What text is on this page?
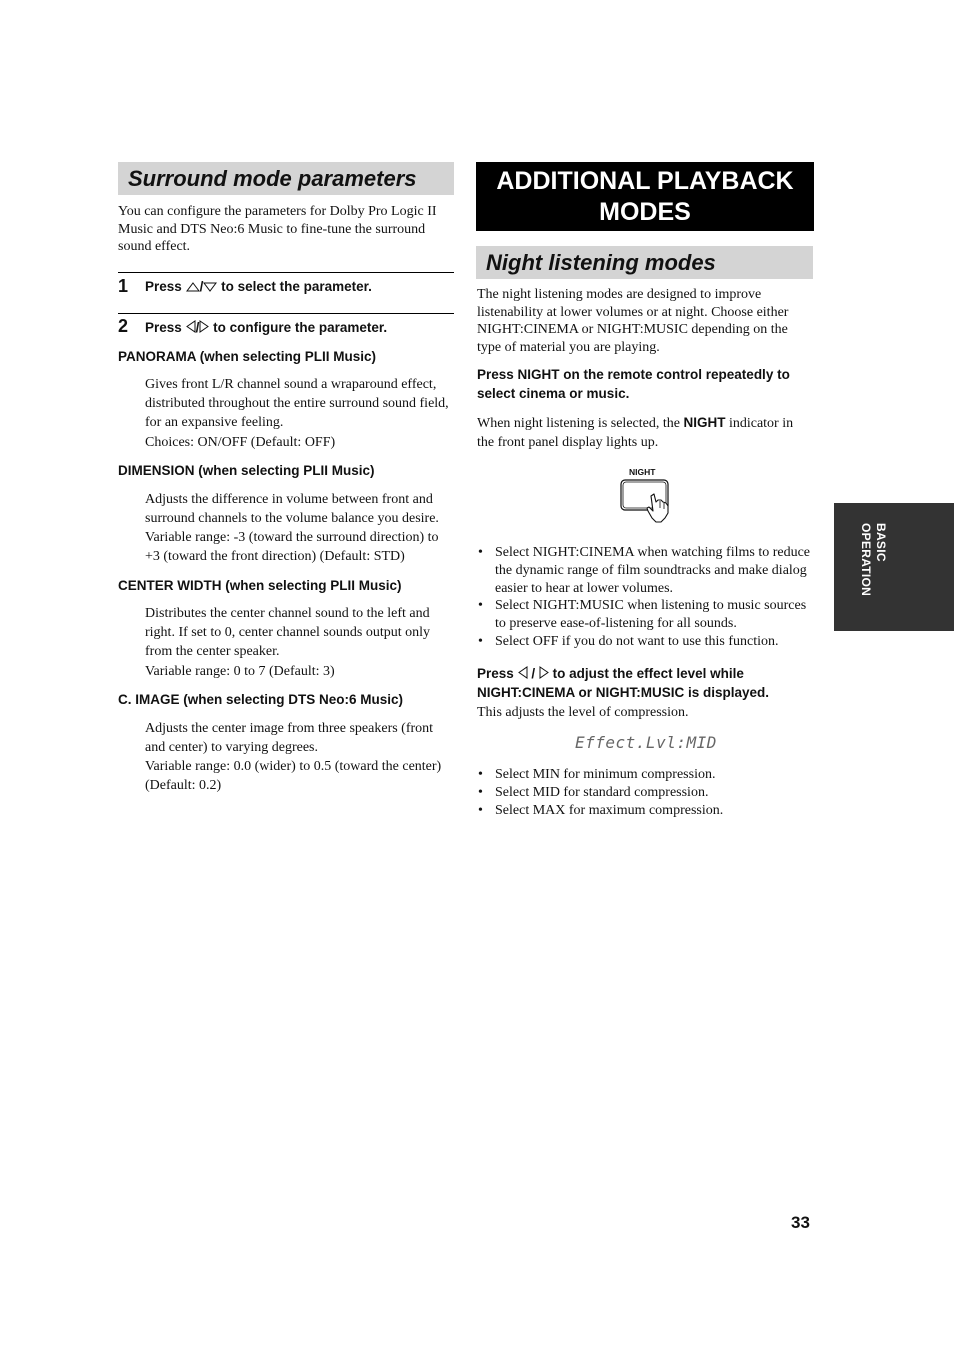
Surround mode parameters

You can configure the parameters for Dolby Pro Logic II Music and DTS Neo:6 Music to fine-tune the surround sound effect.

1 Press / to select the parameter.
2 Press / to configure the parameter.
PANORAMA (when selecting PLII Music)

Gives front L/R channel sound a wraparound effect, distributed throughout the entire surround sound field, for an expansive feeling.

Choices: ON/OFF (Default: OFF)

DIMENSION (when selecting PLII Music)

Adjusts the difference in volume between front and surround channels to the volume balance you desire.

Variable range: -3 (toward the surround direction) to +3 (toward the front direction) (Default: STD)

CENTER WIDTH (when selecting PLII Music)

Distributes the center channel sound to the left and right. If set to 0, center channel sounds output only from the center speaker.

Variable range: 0 to 7 (Default: 3)

C. IMAGE (when selecting DTS Neo:6 Music)

Adjusts the center image from three speakers (front and center) to varying degrees.

Variable range: 0.0 (wider) to 0.5 (toward the center) (Default: 0.2)

ADDITIONAL PLAYBACK
MODES
Night listening modes

The night listening modes are designed to improve listenability at lower volumes or at night. Choose either NIGHT:CINEMA or NIGHT:MUSIC depending on the type of material you are playing.

Press NIGHT on the remote control repeatedly to select cinema or music.

When night listening is selected, the NIGHT indicator in the front panel display lights up.

NIGHT
• Select NIGHT:CINEMA when watching films to reduce the dynamic range of film soundtracks and make dialog easier to hear at lower volumes.
• Select NIGHT:MUSIC when listening to music sources to preserve ease-of-listening for all sounds.
• Select OFF if you do not want to use this function.
Press / to adjust the effect level while
NIGHT:CINEMA or NIGHT:MUSIC is displayed.

This adjusts the level of compression.

Effect.Lvl:MID
• Select MIN for minimum compression.
• Select MID for standard compression.
• Select MAX for maximum compression.
BASIC
OPERATION
33
